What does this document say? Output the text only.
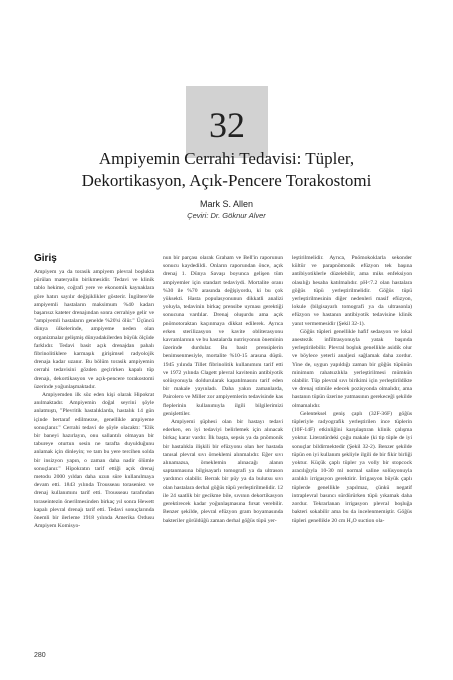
32
Ampiyemin Cerrahi Tedavisi: Tüpler,
Dekortikasyon, Açık-Pencere Torakostomi
Mark S. Allen
Çeviri: Dr. Göknur Alver
Giriş

Ampiyem ya da torasik ampiyem plevral boşlukta pürülan materyalin birikmesidir. Tedavi ve klinik tablo hekime, coğrafi yere ve ekonomik kaynaklara göre hatırı sayılır değişiklikler gösterir. İngiltere'de ampiyemli hastaların maksimum %40 kadarı başarısız kateter drenajından sonra cerrahiye gelir ve "ampiyemli hastaların genelde %20'si ölür." Üçüncü dünya ülkelerinde, ampiyeme neden olan organizmalar gelişmiş dünyadakilerden büyük ölçüde farklıdır. Tedavi basit açık drenajdan pahalı fibrinolitiklere karmaşık girişimsel radyolojik drenaja kadar uzanır. Bu bölüm torasik ampiyemin cerrahi tedavisini gözden geçirirken kapalı tüp drenajı, dekortikasyon ve açık-pencere torakostomi üzerinde yoğunlaşmaktadır.

Ampiyemden ilk söz eden kişi olarak Hipokrat anılmaktadır. Ampiyemin doğal seyrini şöyle anlatmıştı, "Plevritik hastalıklarda, hastalık 14 gün içinde bertaraf edilmezse, genellikle ampiyeme sonuçlanır." Cerrahi tedavi de şöyle olacaktı: "Elik bir baneyi hazırlayın, onu sallantılı olmayan bir tabureye oturtun sesin ne tarafta duyulduğunu anlamak için dinleyin; ve tam bu yere tercihen solda bir insizyon yapın, o zaman daha nadir ölümle sonuçlanır." Hipokratın tarif ettiği açık drenaj metodu 2000 yıldan daha uzun süre kullanılmaya devam etti. 1843 yılında Trousseau toraseniez ve drenaj kullanımını tarif etti. Trousseau tarafından toraseintezin önerilmesinden birkaç yıl sonra Hewett kapalı plevral drenajı tarif etti. Tedavi sonuçlarında önemli bir ilerleme 1918 yılında Amerika Ordusu Ampiyem Komisyo-

nun bir parçası olarak Graham ve Bell'in raporunun sonucu kaydedildi. Onların raporundan önce, açık drenaj 1. Dünya Savaşı boyunca gelişen tüm ampiyemler için standart tedaviydi. Mortalite oranı %30 ile %70 arasında değişiyordu, ki bu çok yüksekti. Hasta populasyonunun dikkatli analizi yoluyla, tedavinin birkaç prensibe uyması gerektiği sonucuna vardılar. Drenaj oluşurdu ama açık pnömotoraktan kaçınmaya dikkat edilerek. Ayrıca erken sterilizasyon ve kavite obliterasyonu kavramlarının ve bu hastalarda nutrisyonun öneminin üzerinde durdular. Bu basit prensiplerin benimsenmesiyle, mortalite %10-15 arasına düştü. 1945 yılında Tillet fibrinolitik kullanımını tarif etti ve 1972 yılında Clagett plevral kavitenin antibiyotik solüsyonuyla doldurularak kapatılmasını tarif eden bir makale yayınladı. Daha yakın zamanlarda, Pairolero ve Miller zor ampiyemlerin tedavisinde kas fleplerinin kullanımıyla ilgili bilgilerimizi genişlettiler.

Ampiyemi şüphesi olan bir hastayı tedavi ederken, en iyi tedaviyi belirlemek için alınacak birkaç karar vardır. İlk başta, sepsis ya da pnömonik bir hastalıkla ilişkili bir efüzyonu olan her hastada tanısal plevral sıvı örneklemi alınmalıdır. Eğer sıvı alınamazsa, örneklemin alınacağı alanın saptanmasına bilgisayarlı tomografi ya da ultrason yardımcı olabilir. Berrak bir püy ya da bulutsu sıvı olan hastalara derhal göğüs tüpü yerleştirilmelidir. 12 ile 24 saatlik bir gecikme bile, sıvının dekortikasyon gerektirecek kadar yoğunlaşmasına fırsat verebilir. Benzer şekilde, plevral efüzyon gram boyamasında bakteriler görüldüğü zaman derhal göğüs tüpü yer-

leştirilmelidir. Ayrıca, Pnömokoklarla sekonder kültür ve parapnömonik efüzyon tek başına antibiyotiklerle düzelebilir, ama miks enfeksiyon olasılığı hesaba katılmalıdır. pH<7.2 olan hastalara göğüs tüpü yerleştirilmelidir. Göğüs tüpü yerleştirilmesinin diğer nedenleri masif efüzyon, lokule (bilgisayarlı tomografi ya da ultrasonla) efüzyon ve hastanın antibiyotik tedavisine klinik yanıt vermemesidir (Şekil 32-1).

Göğüs tüpleri genellikle hafif sedasyon ve lokal anestezik infiltrasyonuyla yatak başında yerleştirilebilir. Plevral boşluk genellikle asidik olur ve böylece yeterli analjezi sağlamak daha zordur. Yine de, uygun yapıldığı zaman bir göğüs tüpünün minimum rahatsızlıkla yerleştirilmesi mümkün olabilir. Tüp plevral sıvı birikimi için yerleştirildikte ve drenaj stimüle edecek pozisyonda olmalıdır, ama hastanın tüpün üzerine yatmasının gerekeceği şekilde olmamalıdır.

Gelenteksel geniş çaplı (32F-36F) göğüs tüpleriyle radyografik yerleştirilen ince tüplerin (10F-14F) etkinliğini karşılaştıran klinik çalışma yoktur. Literatürdeki çoğu makale (ki tip tüple de iyi sonuçlar bildirmektedir (Şekil 32-2). Benzer şekilde tüpün en iyi kullanım şekliyle ilgili de bir fikir birliği yoktur. Küçük çaplı tüpler ya volly bir stopcock aracılığıyla 10-30 ml normal saline solüsyonuyla aralıklı irrigasyon gerektirir. İrrigasyon büyük çaplı tüplerde genellikle yapılmaz, çünkü negatif intraplevral basıncı sürdürürken tüpü yıkamak daha zordur. Tekrarlanan irrigasyon plevral boşluğa bakteri sokabilir ama bu da incelenmemiştir. Göğüs tüpleri genellikle 20 cm H₂O suction ola-

280
